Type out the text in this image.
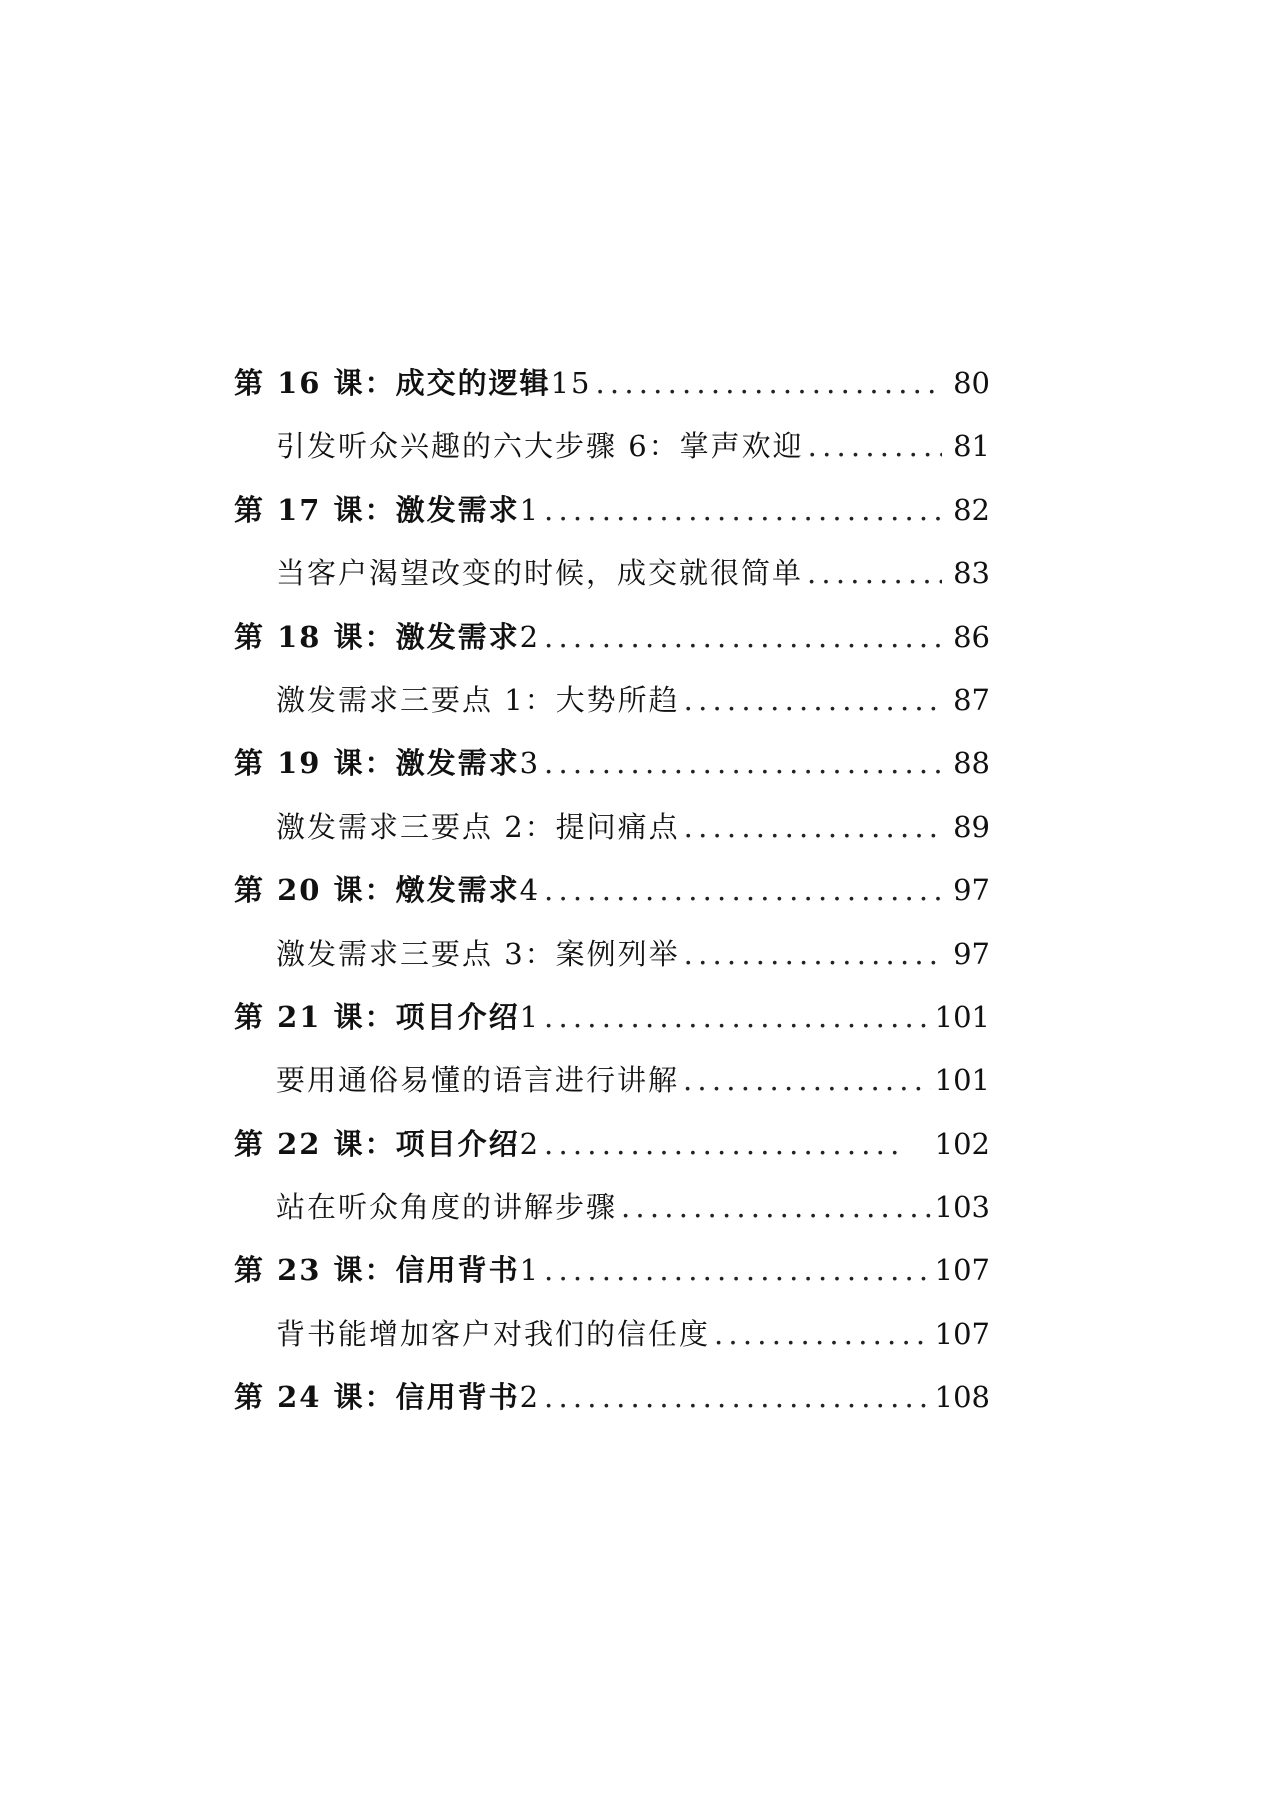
第 16 课：成交的逻辑15 .....	80
引发听众兴趣的六大步骤 6：掌声欢迎 .....	81
第 17 课：激发需求1 .....	82
当客户渴望改变的时候，成交就很简单 .....	83
第 18 课：激发需求2 .....	86
激发需求三要点 1：大势所趋 .....	87
第 19 课：激发需求3 .....	88
激发需求三要点 2：提问痛点 .....	89
第 20 课：燉发需求4 .....	97
激发需求三要点 3：案例列举 .....	97
第 21 课：项目介绍1 .....	101
要用通俗易懂的语言进行讲解 .....	101
第 22 课：项目介绍2 .....	102
站在听众角度的讲解步骤 .....	103
第 23 课：信用背书1 .....	107
背书能增加客户对我们的信任度 .....	107
第 24 课：信用背书2 .....	108
